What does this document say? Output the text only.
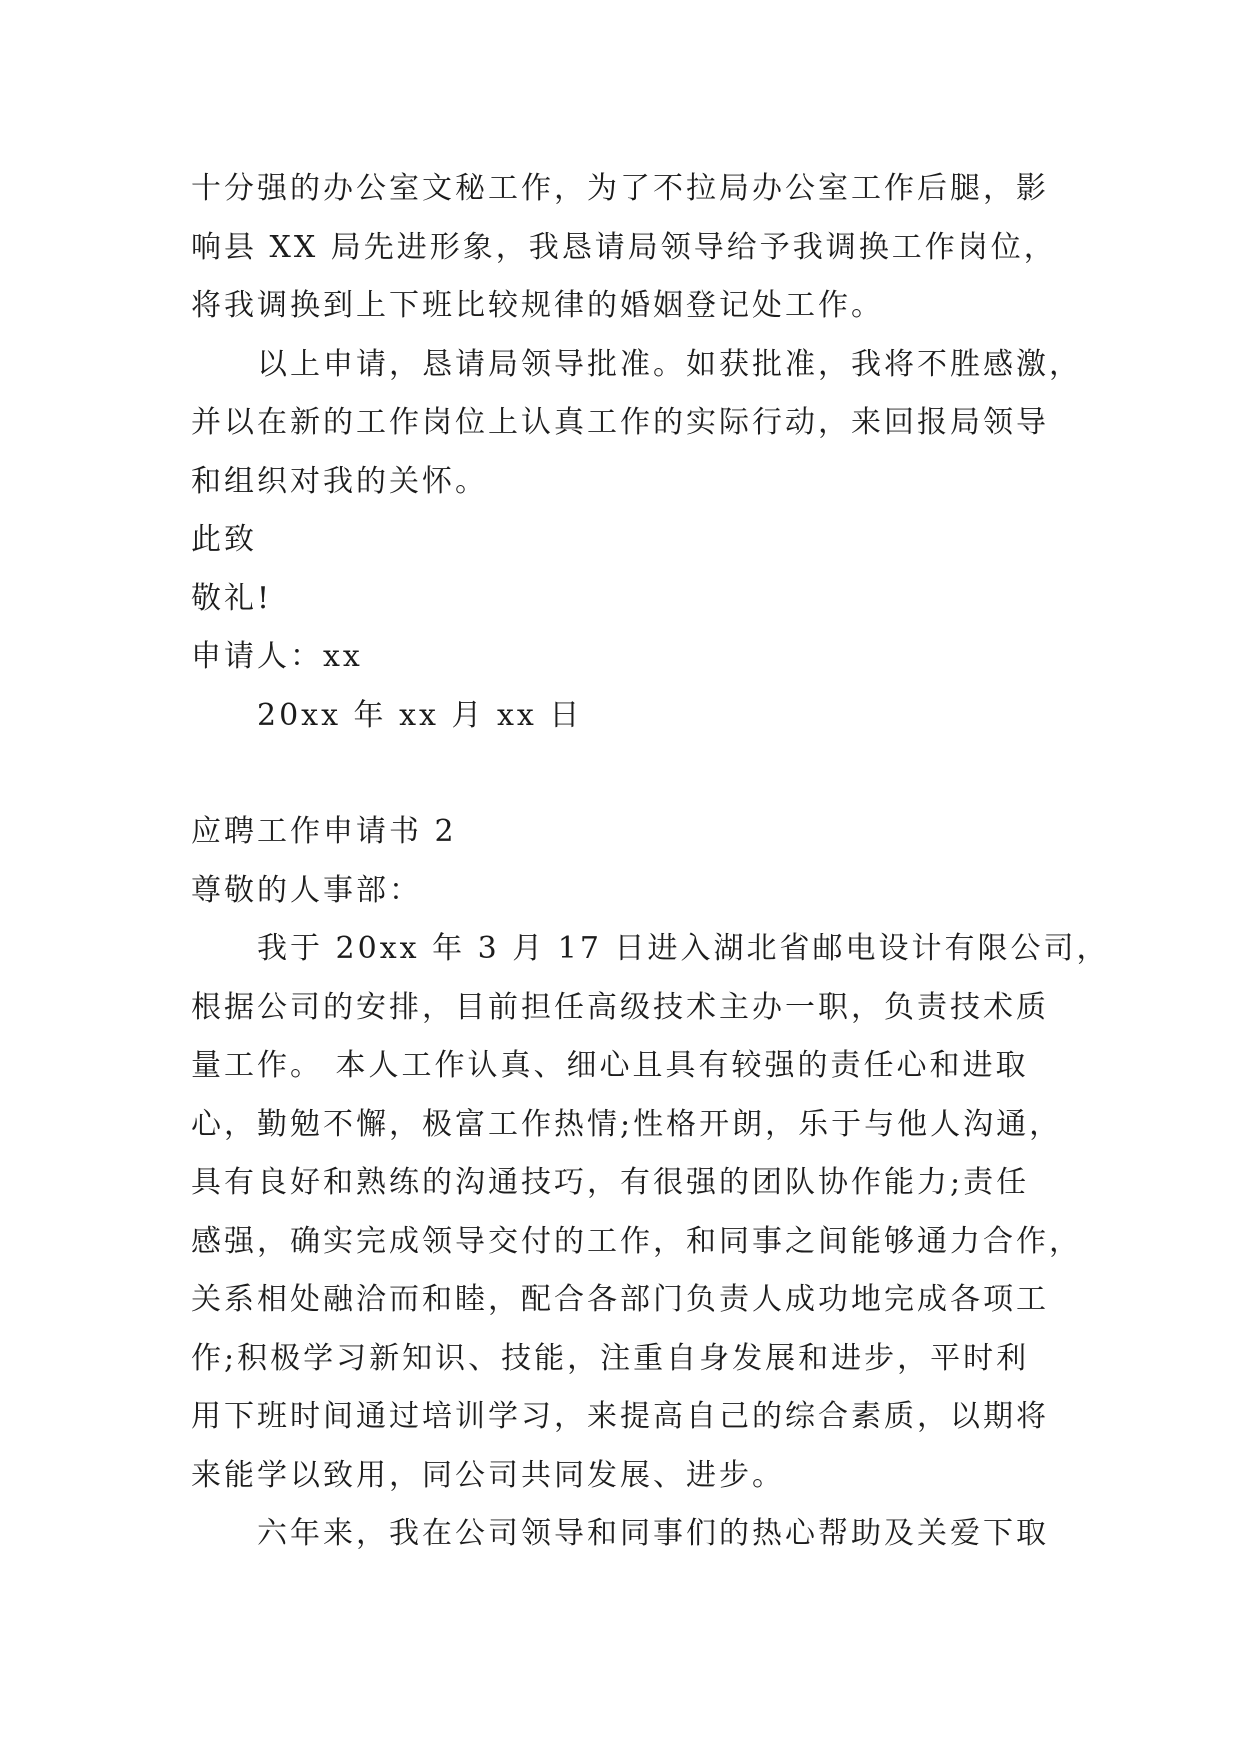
十分强的办公室文秘工作，为了不拉局办公室工作后腿，影
响县 XX 局先进形象，我恳请局领导给予我调换工作岗位，
将我调换到上下班比较规律的婚姻登记处工作。
以上申请，恳请局领导批准。如获批准，我将不胜感激，
并以在新的工作岗位上认真工作的实际行动，来回报局领导
和组织对我的关怀。
此致
敬礼!
申请人：xx
20xx 年 xx 月 xx 日
应聘工作申请书 2
尊敬的人事部：
我于 20xx 年 3 月 17 日进入湖北省邮电设计有限公司，
根据公司的安排，目前担任高级技术主办一职，负责技术质
量工作。 本人工作认真、细心且具有较强的责任心和进取
心，勤勉不懈，极富工作热情;性格开朗，乐于与他人沟通，
具有良好和熟练的沟通技巧，有很强的团队协作能力;责任
感强，确实完成领导交付的工作，和同事之间能够通力合作，
关系相处融洽而和睦，配合各部门负责人成功地完成各项工
作;积极学习新知识、技能，注重自身发展和进步，平时利
用下班时间通过培训学习，来提高自己的综合素质，以期将
来能学以致用，同公司共同发展、进步。
六年来，我在公司领导和同事们的热心帮助及关爱下取
